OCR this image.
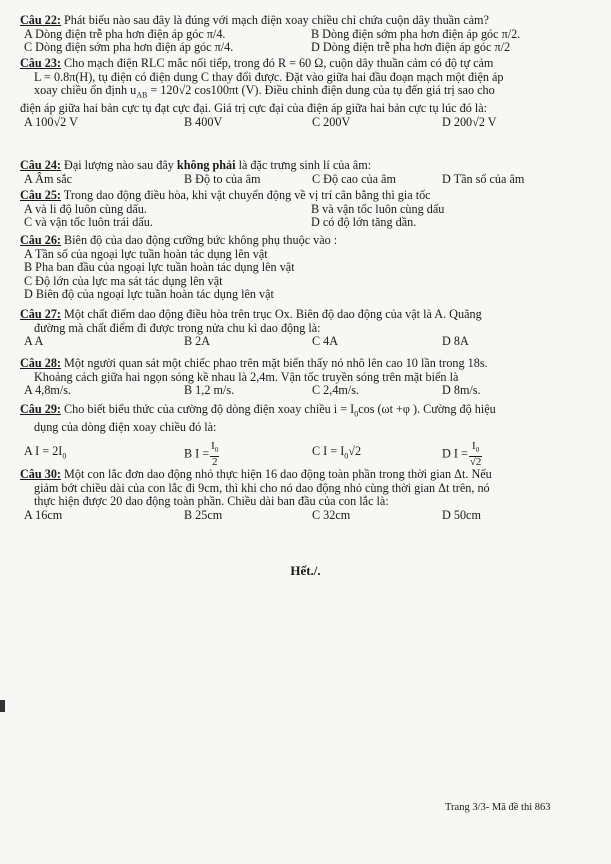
Câu 22: Phát biểu nào sau đây là đúng với mạch điện xoay chiều chỉ chứa cuộn dây thuần cảm?
A Dòng điện trễ pha hơn điện áp góc π/4.	B Dòng điện sớm pha hơn điện áp góc π/2.
C Dòng điện sớm pha hơn điện áp góc π/4.	D Dòng điện trễ pha hơn điện áp góc π/2
Câu 23: Cho mạch điện RLC mắc nối tiếp, trong đó R = 60 Ω, cuộn dây thuần cảm có độ tự cảm
L = 0.8π(H), tụ điện có điện dung C thay đổi được. Đặt vào giữa hai đầu đoạn mạch một điện áp
xoay chiều ổn định $u_{AB} = 120√2$ cos100πt (V). Điều chỉnh điện dung của tụ đến giá trị sao cho
điện áp giữa hai bản cực tụ đạt cực đại. Giá trị cực đại của điện áp giữa hai bản cực tụ lúc đó là:
A 100√2 V	B 400V	C 200V	D 200√2 V
Câu 24: Đại lượng nào sau đây không phải là đặc trưng sinh lí của âm:
A Âm sắc	B Độ to của âm	C Độ cao của âm	D Tần số của âm
Câu 25: Trong dao động điều hòa, khi vật chuyển động về vị trí cân bằng thì gia tốc
A và li độ luôn cùng dấu.	B và vận tốc luôn cùng dấu
C và vận tốc luôn trái dấu.	D có độ lớn tăng dần.
Câu 26: Biên độ của dao động cưỡng bức không phụ thuộc vào :
A Tần số của ngoại lực tuần hoàn tác dụng lên vật
B Pha ban đầu của ngoại lực tuần hoàn tác dụng lên vật
C Độ lớn của lực ma sát tác dụng lên vật
D Biên độ của ngoại lực tuần hoàn tác dụng lên vật
Câu 27: Một chất điểm dao động điều hòa trên trục Ox. Biên độ dao động của vật là A. Quãng
đường mà chất điểm đi được trong nửa chu kì dao động là:
A A	B 2A	C 4A	D 8A
Câu 28: Một người quan sát một chiếc phao trên mặt biển thấy nó nhô lên cao 10 lần trong 18s.
Khoảng cách giữa hai ngọn sóng kề nhau là 2,4m. Vận tốc truyền sóng trên mặt biển là
A 4,8m/s.	B 1,2 m/s.	C 2,4m/s.	D 8m/s.
Câu 29: Cho biết biểu thức của cường độ dòng điện xoay chiều $i = I_0\cos$ (ωt +φ ). Cường độ hiệu
dụng của dòng điện xoay chiều đó là:
A $I = 2I_0$	B $I = \frac{I_0}{2}$	C $I = I_0√2$	D $I = \frac{I_0}{√2}$
Câu 30: Một con lắc đơn dao động nhỏ thực hiện 16 dao động toàn phần trong thời gian Δt. Nếu
giảm bớt chiều dài của con lắc đi 9cm, thì khi cho nó dao động nhỏ cùng thời gian Δt trên, nó
thực hiện được 20 dao động toàn phần. Chiều dài ban đầu của con lắc là:
A 16cm	B 25cm	C 32cm	D 50cm
Hết./.
Trang 3/3- Mã đề thi 863
